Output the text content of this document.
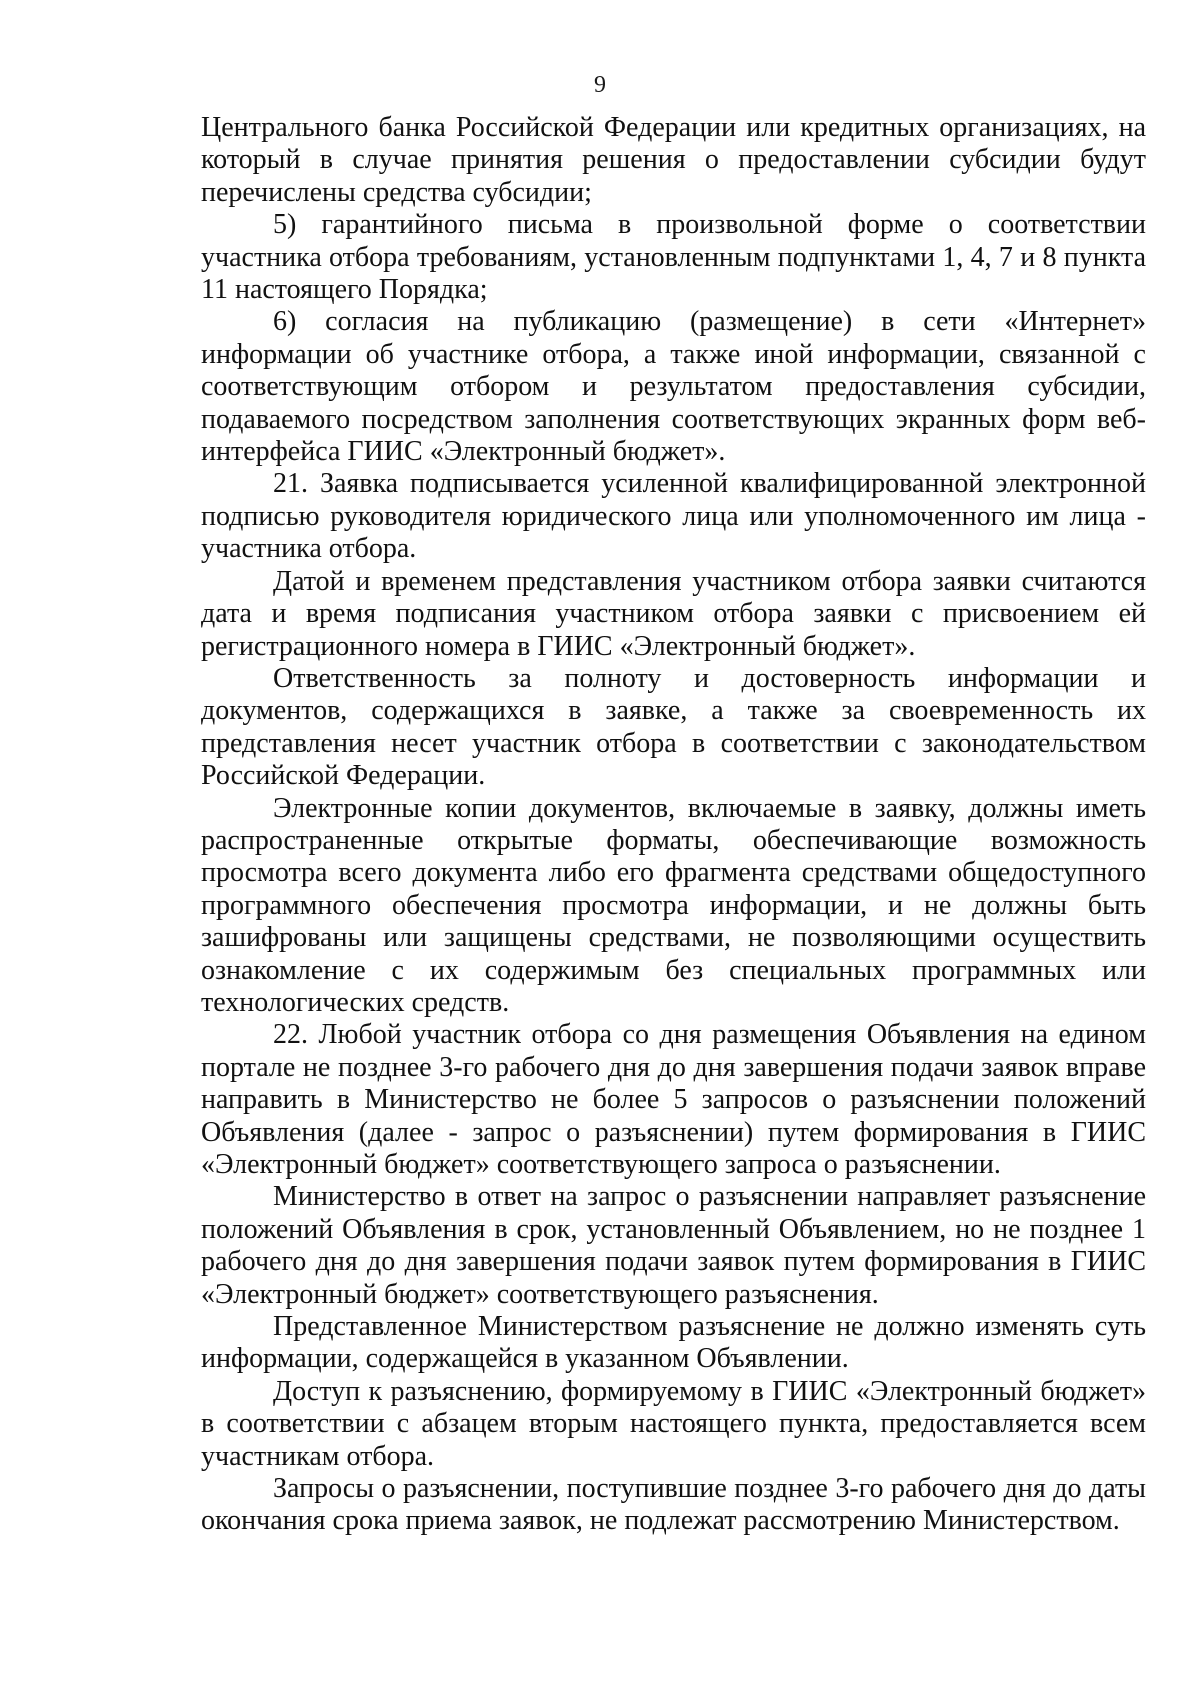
9

Центрального банка Российской Федерации или кредитных организациях, на который в случае принятия решения о предоставлении субсидии будут перечислены средства субсидии;

5) гарантийного письма в произвольной форме о соответствии участника отбора требованиям, установленным подпунктами 1, 4, 7 и 8 пункта 11 настоящего Порядка;

6) согласия на публикацию (размещение) в сети «Интернет» информации об участнике отбора, а также иной информации, связанной с соответствующим отбором и результатом предоставления субсидии, подаваемого посредством заполнения соответствующих экранных форм веб-интерфейса ГИИС «Электронный бюджет».

21. Заявка подписывается усиленной квалифицированной электронной подписью руководителя юридического лица или уполномоченного им лица - участника отбора.

Датой и временем представления участником отбора заявки считаются дата и время подписания участником отбора заявки с присвоением ей регистрационного номера в ГИИС «Электронный бюджет».

Ответственность за полноту и достоверность информации и документов, содержащихся в заявке, а также за своевременность их представления несет участник отбора в соответствии с законодательством Российской Федерации.

Электронные копии документов, включаемые в заявку, должны иметь распространенные открытые форматы, обеспечивающие возможность просмотра всего документа либо его фрагмента средствами общедоступного программного обеспечения просмотра информации, и не должны быть зашифрованы или защищены средствами, не позволяющими осуществить ознакомление с их содержимым без специальных программных или технологических средств.

22. Любой участник отбора со дня размещения Объявления на едином портале не позднее 3-го рабочего дня до дня завершения подачи заявок вправе направить в Министерство не более 5 запросов о разъяснении положений Объявления (далее - запрос о разъяснении) путем формирования в ГИИС «Электронный бюджет» соответствующего запроса о разъяснении.

Министерство в ответ на запрос о разъяснении направляет разъяснение положений Объявления в срок, установленный Объявлением, но не позднее 1 рабочего дня до дня завершения подачи заявок путем формирования в ГИИС «Электронный бюджет» соответствующего разъяснения.

Представленное Министерством разъяснение не должно изменять суть информации, содержащейся в указанном Объявлении.

Доступ к разъяснению, формируемому в ГИИС «Электронный бюджет» в соответствии с абзацем вторым настоящего пункта, предоставляется всем участникам отбора.

Запросы о разъяснении, поступившие позднее 3-го рабочего дня до даты окончания срока приема заявок, не подлежат рассмотрению Министерством.
